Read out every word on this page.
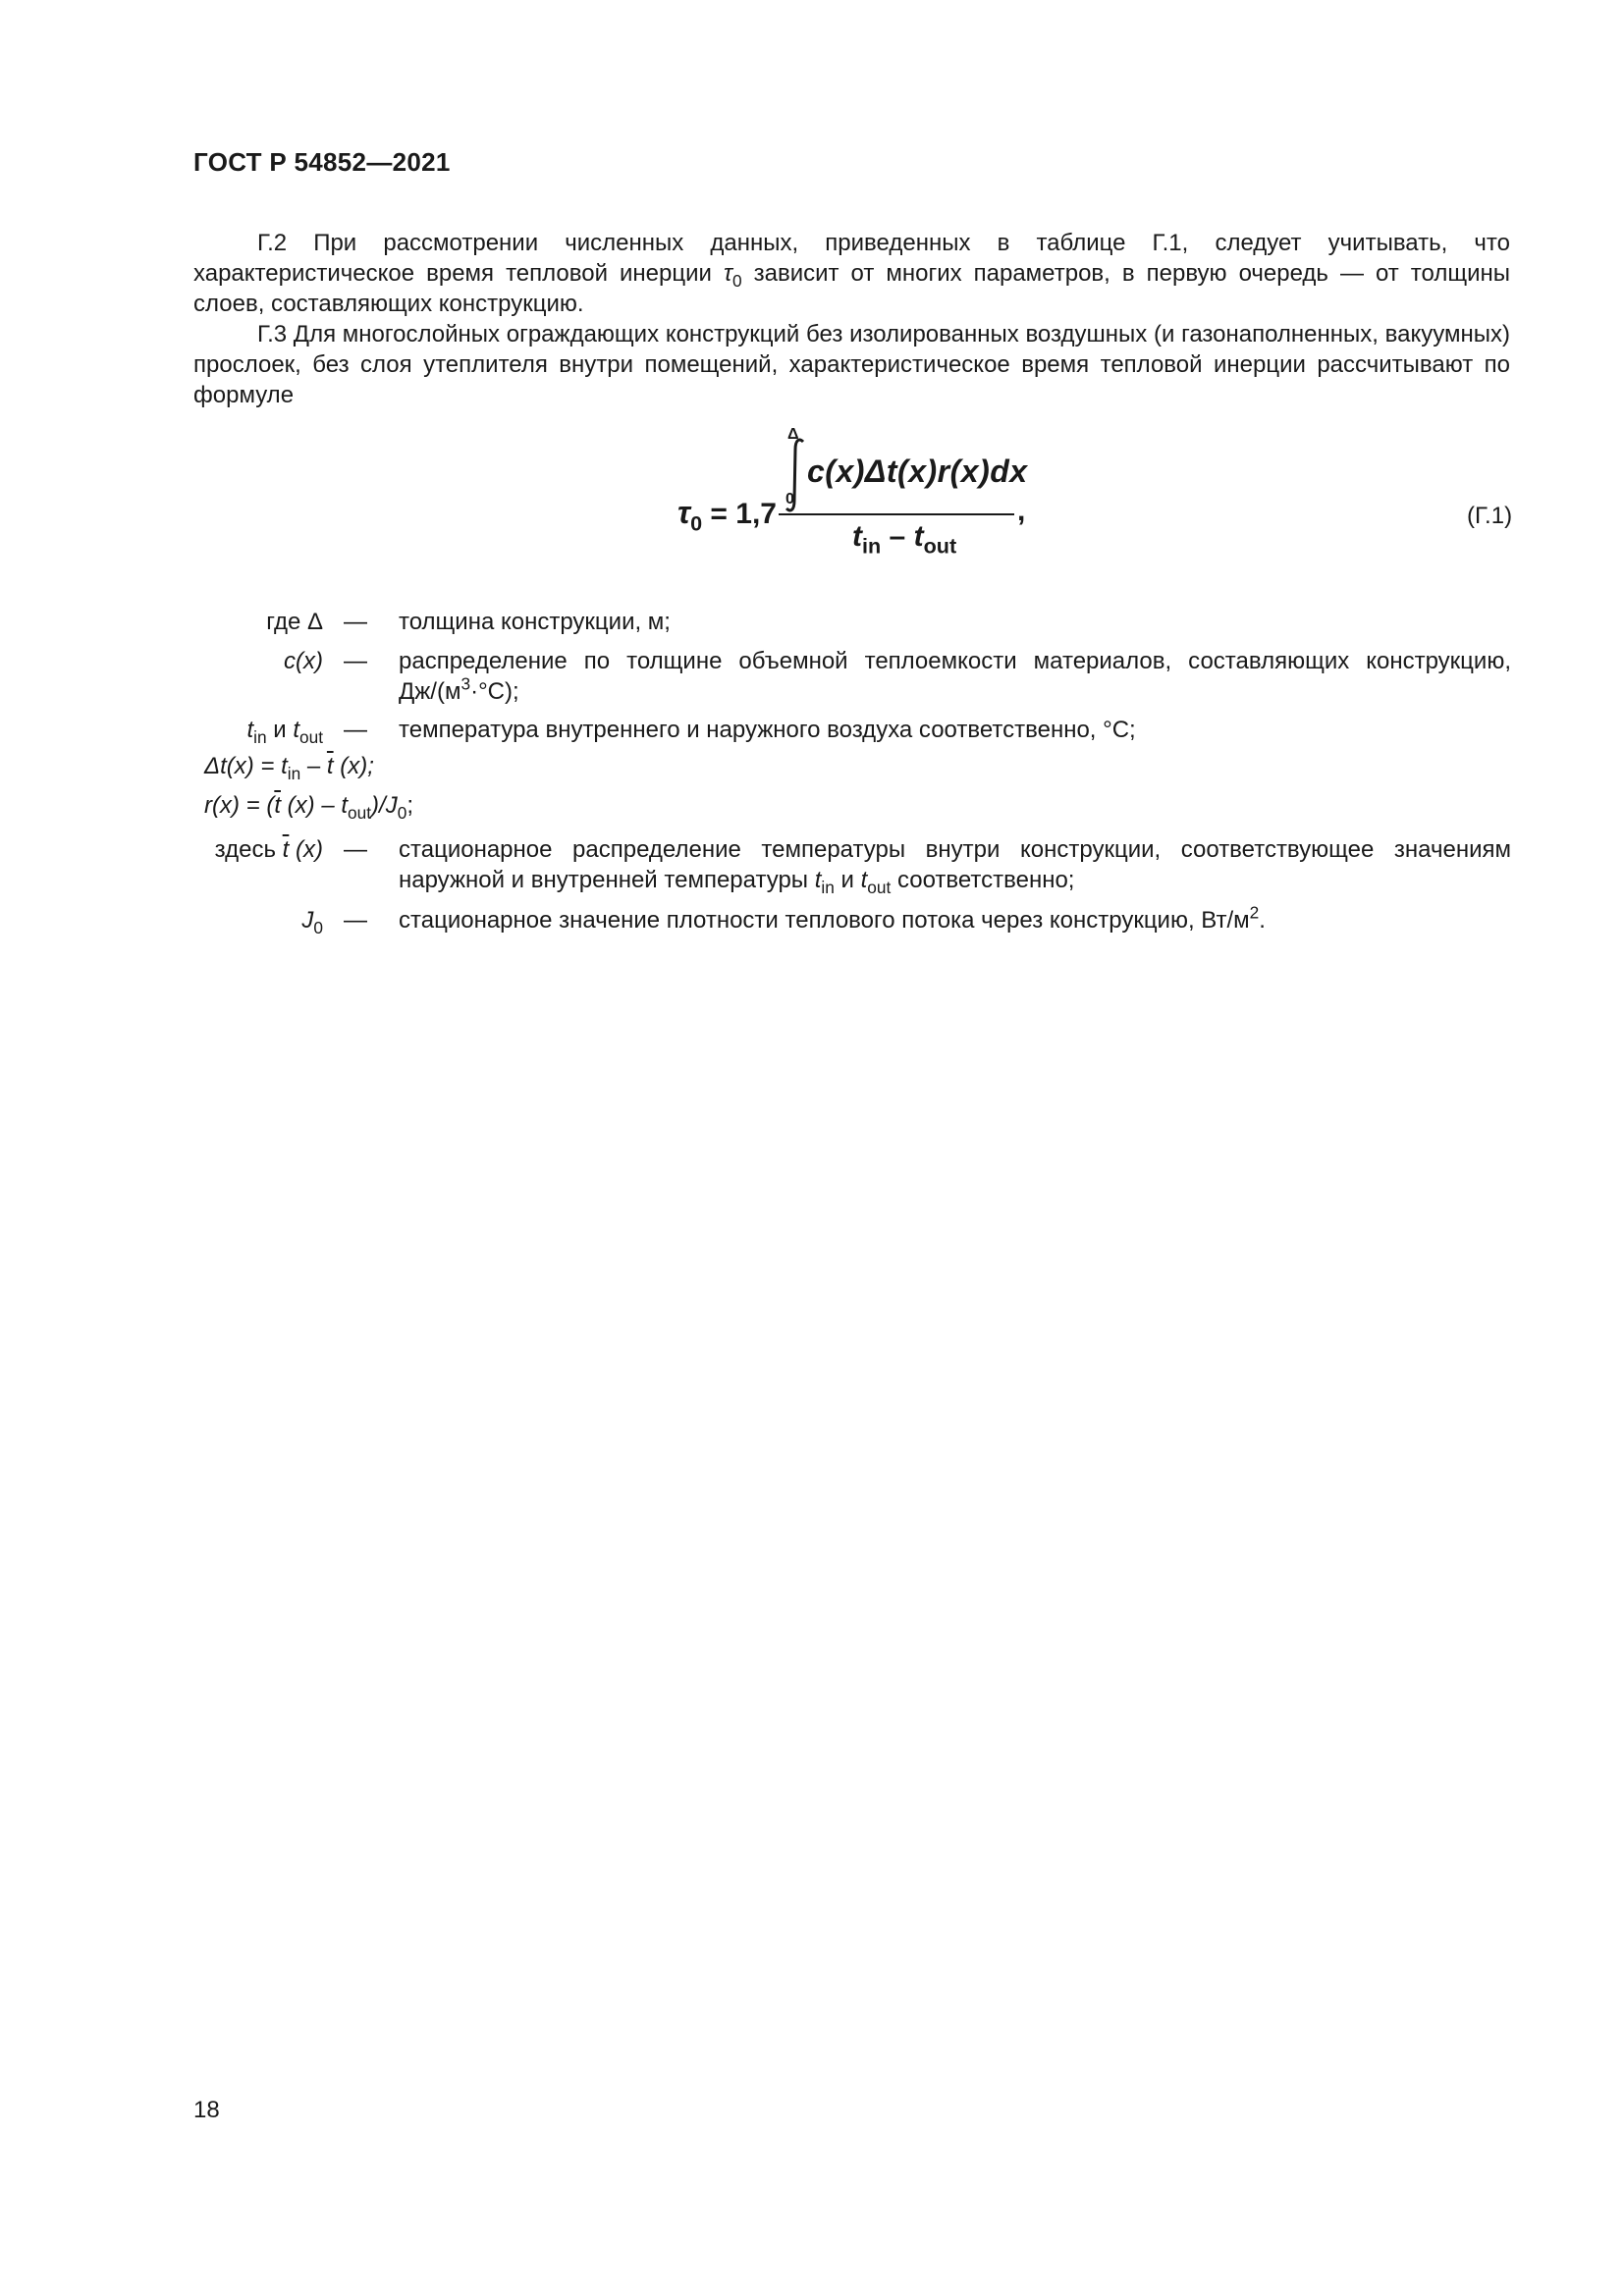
ГОСТ Р 54852—2021
Г.2 При рассмотрении численных данных, приведенных в таблице Г.1, следует учитывать, что характеристическое время тепловой инерции $\tau_0$ зависит от многих параметров, в первую очередь — от толщины слоев, составляющих конструкцию.
Г.3 Для многослойных ограждающих конструкций без изолированных воздушных (и газонаполненных, вакуумных) прослоек, без слоя утеплителя внутри помещений, характеристическое время тепловой инерции рассчитывают по формуле
$\tau_0 = 1,7$
Δ
0
c(x)Δt(x)r(x)dx
$t_{in} - t_{out}$
,	(Г.1)
где Δ — толщина конструкции, м;
c(x) — распределение по толщине объемной теплоемкости материалов, составляющих конструкцию, $Дж/(м^3\cdot^\circ С)$;
$t_{in}$ и $t_{out}$ — температура внутреннего и наружного воздуха соответственно, °С;
$\Delta t(x) = t_{in} - \overline{t}$ (x);
$r(x) = (\overline{t}$ $(x) - t_{out})/J_0$;
здесь $\overline{t}$ (x) — стационарное распределение температуры внутри конструкции, соответствующее значениям наружной и внутренней температуры $t_{in}$ и $t_{out}$ соответственно;
$J_0$ — стационарное значение плотности теплового потока через конструкцию, $Вт/м^2$.
18
